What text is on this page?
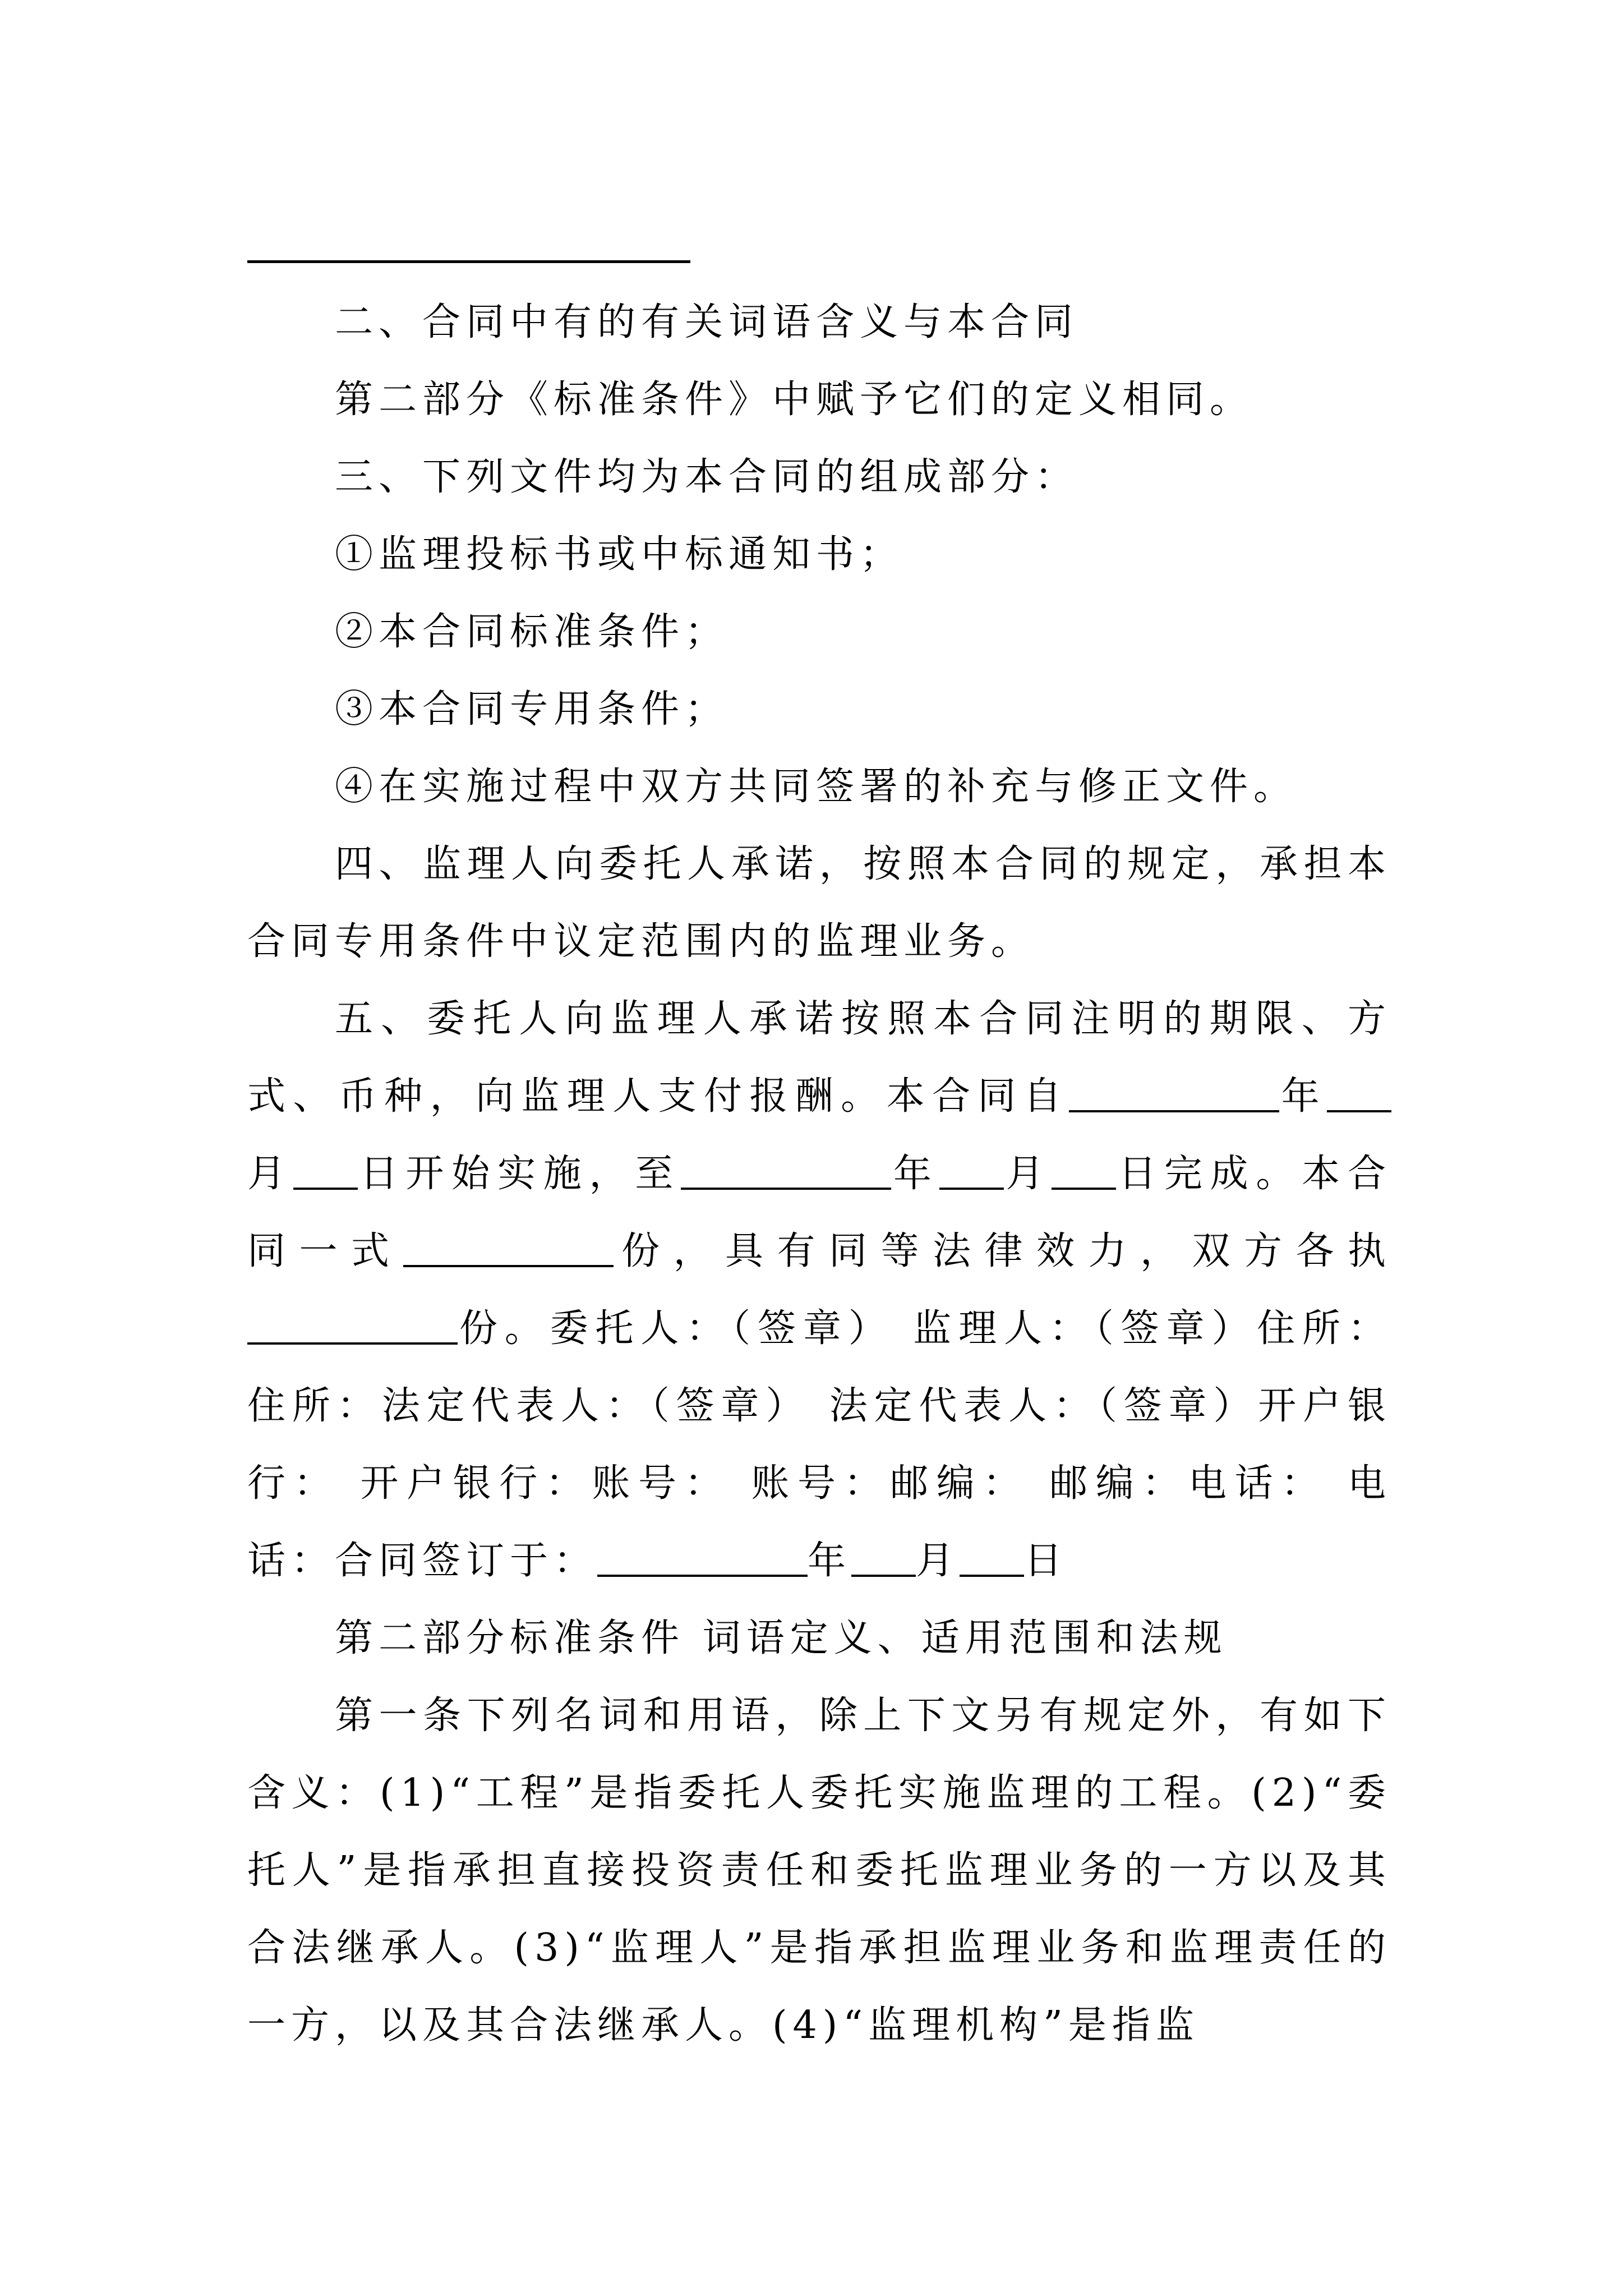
二、合同中有的有关词语含义与本合同

第二部分《标准条件》中赋予它们的定义相同。

三、下列文件均为本合同的组成部分：

①监理投标书或中标通知书；

②本合同标准条件；

③本合同专用条件；

④在实施过程中双方共同签署的补充与修正文件。

四、监理人向委托人承诺，按照本合同的规定，承担本合同专用条件中议定范围内的监理业务。

五、委托人向监理人承诺按照本合同注明的期限、方式、币种，向监理人支付报酬。本合同自	年月 日开始实施，至	年 月 日完成。本合同一式	份，具有同等法律效力，双方各执份。委托人：（签章） 监理人：（签章）住所： 住所：法定代表人：（签章） 法定代表人：（签章）开户银行： 开户银行：账号： 账号：邮编： 邮编：电话： 电话：合同签订于：	年 月 日

第二部分标准条件 词语定义、适用范围和法规

第一条下列名词和用语，除上下文另有规定外，有如下含义：(1)“工程”是指委托人委托实施监理的工程。(2)“委托人”是指承担直接投资责任和委托监理业务的一方以及其合法继承人。(3)“监理人”是指承担监理业务和监理责任的一方，以及其合法继承人。(4)“监理机构”是指监
